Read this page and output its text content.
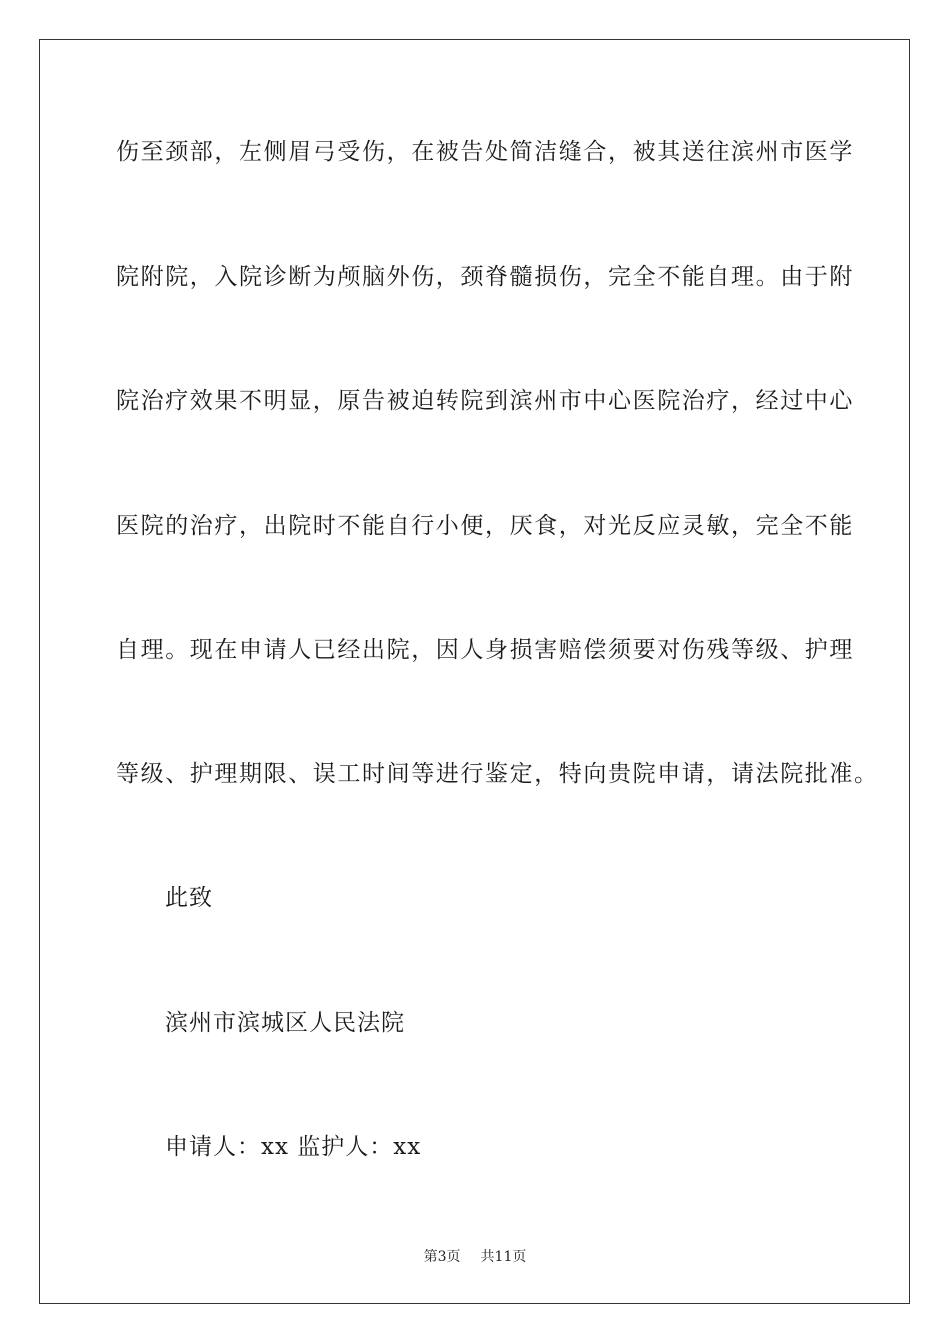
伤至颈部，左侧眉弓受伤，在被告处简洁缝合，被其送往滨州市医学

院附院，入院诊断为颅脑外伤，颈脊髓损伤，完全不能自理。由于附

院治疗效果不明显，原告被迫转院到滨州市中心医院治疗，经过中心

医院的治疗，出院时不能自行小便，厌食，对光反应灵敏，完全不能

自理。现在申请人已经出院，因人身损害赔偿须要对伤残等级、护理

等级、护理期限、误工时间等进行鉴定，特向贵院申请，请法院批准。

此致

滨州市滨城区人民法院

申请人：xx 监护人：xx

第3页 共11页
